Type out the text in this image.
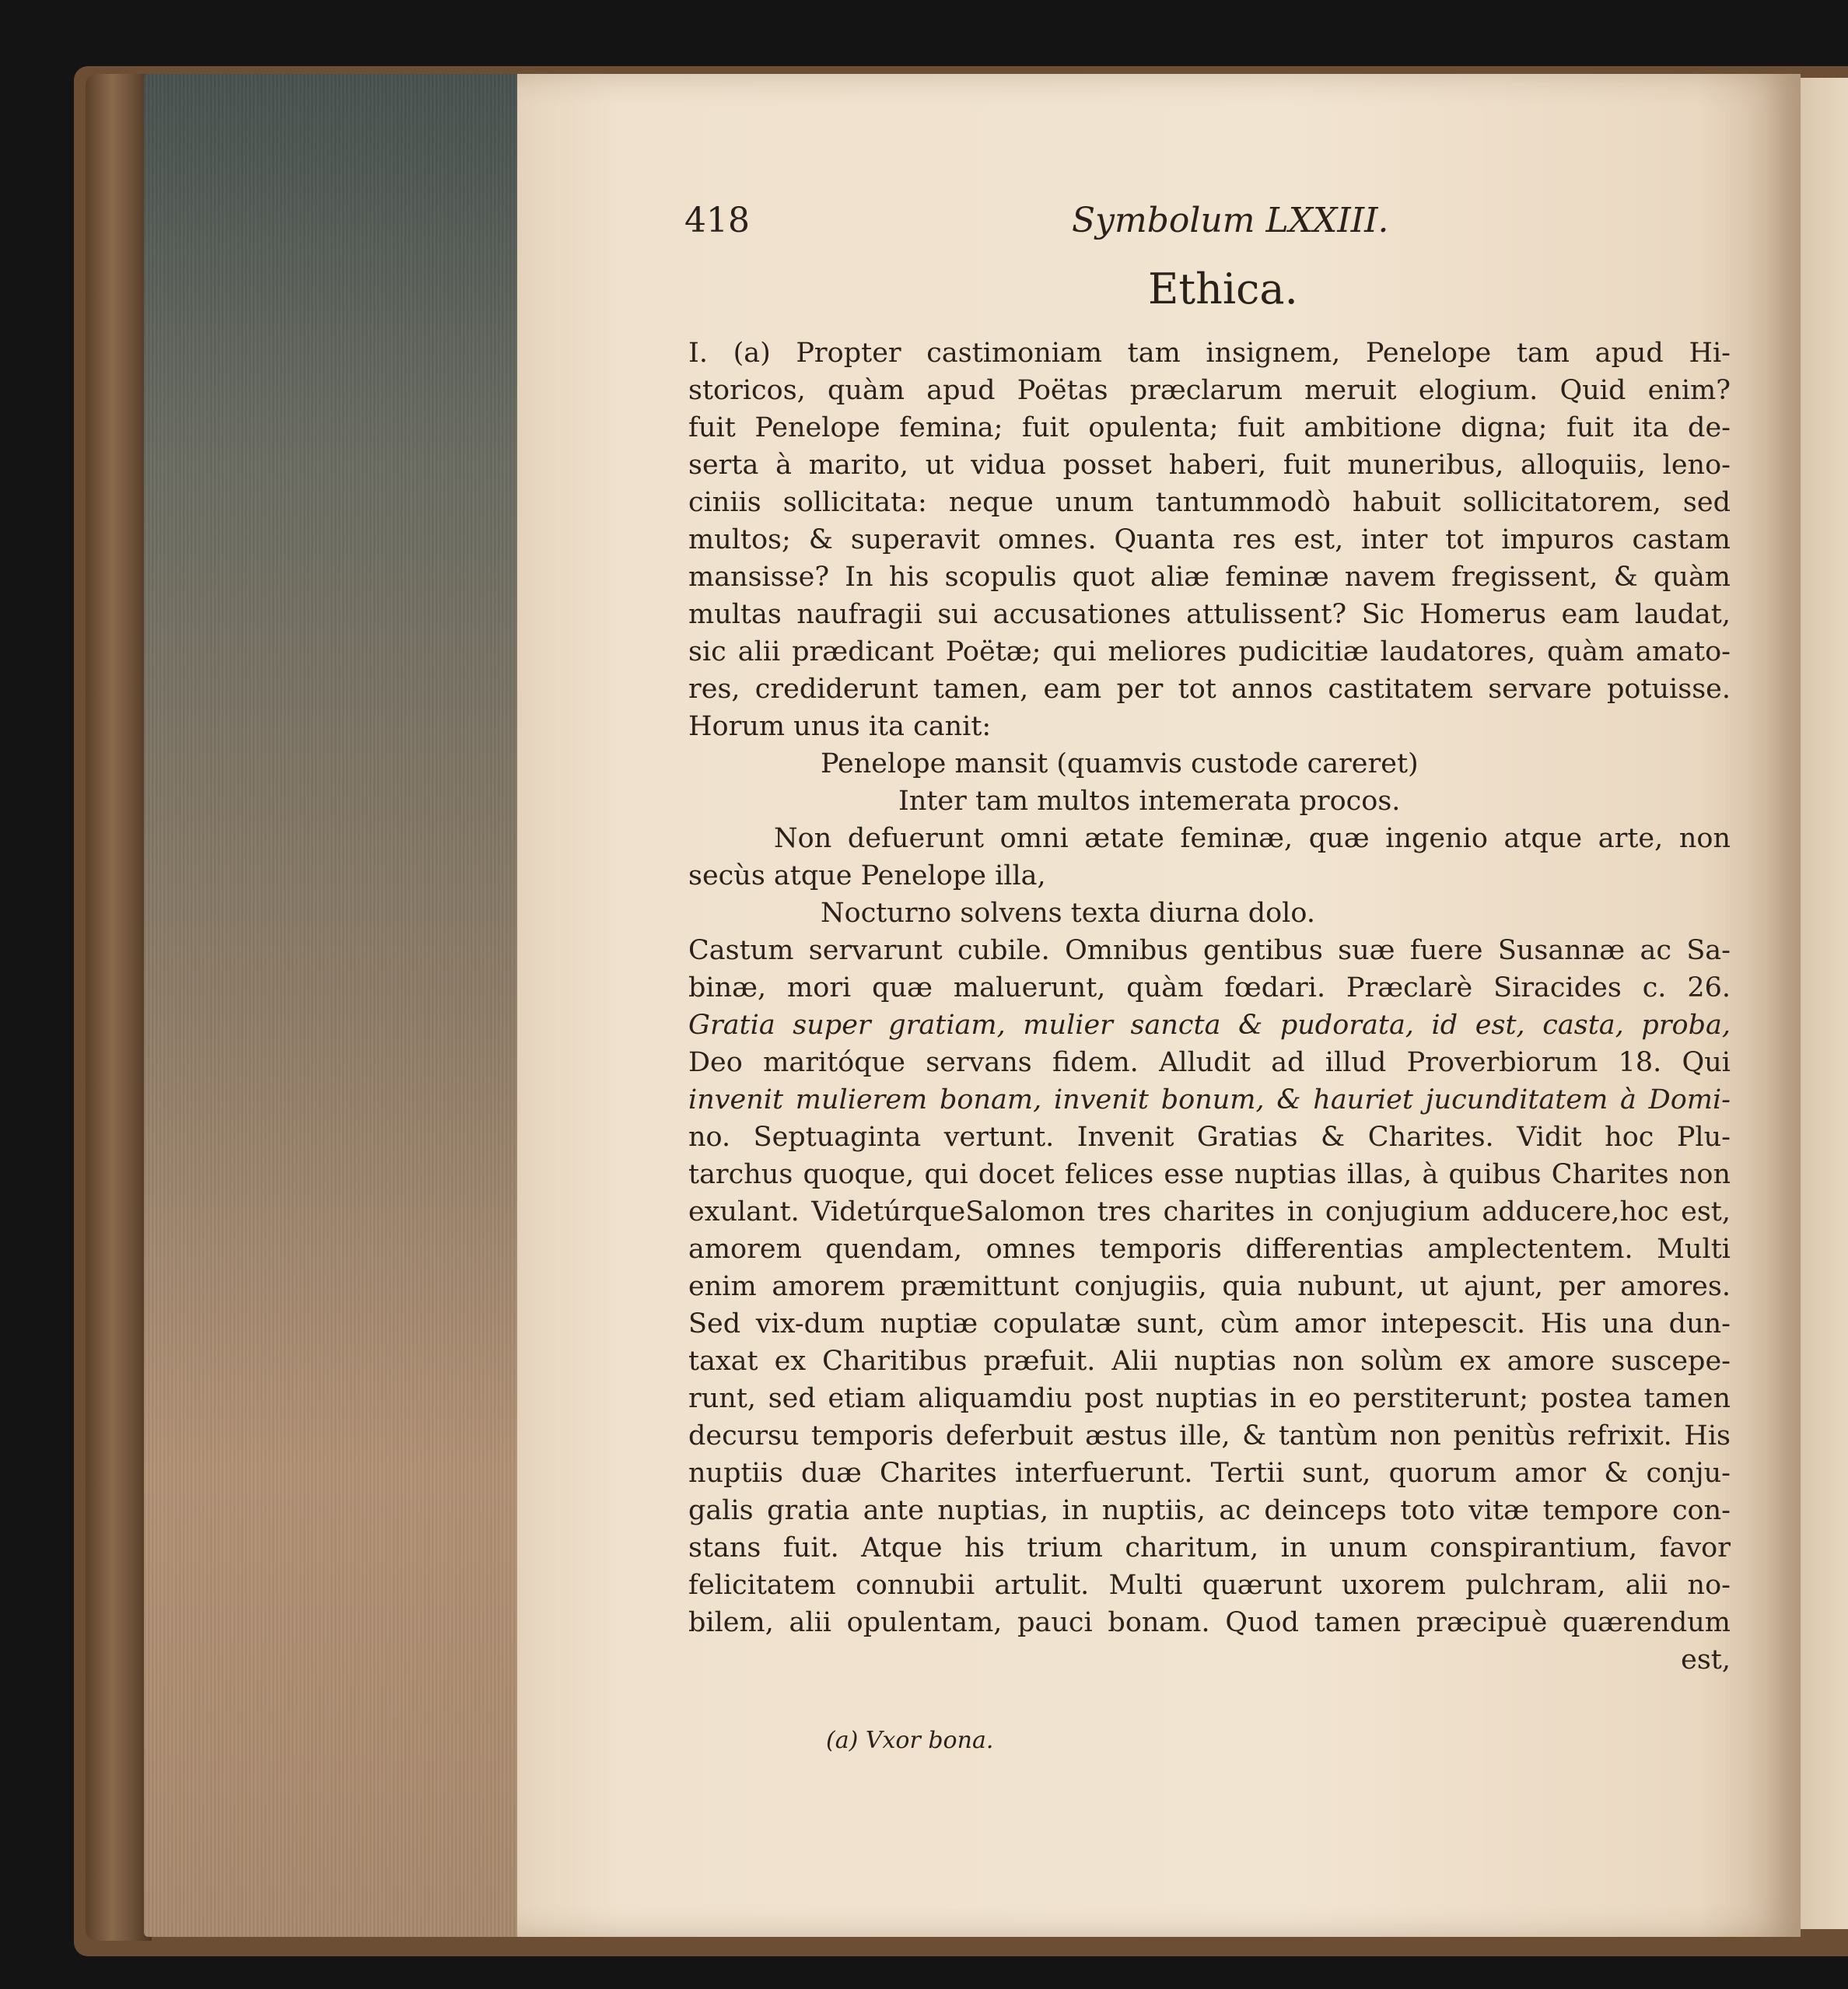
418	Symbolum LXXIII.
Ethica.
I. (a) Propter castimoniam tam insignem, Penelope tam apud Hi-
storicos, quàm apud Poëtas præclarum meruit elogium. Quid enim?
fuit Penelope femina; fuit opulenta; fuit ambitione digna; fuit ita de-
serta à marito, ut vidua posset haberi, fuit muneribus, alloquiis, leno-
ciniis sollicitata: neque unum tantummodò habuit sollicitatorem, sed
multos; & superavit omnes. Quanta res est, inter tot impuros castam
mansisse? In his scopulis quot aliæ feminæ navem fregissent, & quàm
multas naufragii sui accusationes attulissent? Sic Homerus eam laudat,
sic alii prædicant Poëtæ; qui meliores pudicitiæ laudatores, quàm amato-
res, crediderunt tamen, eam per tot annos castitatem servare potuisse.
Horum unus ita canit:
Penelope mansit (quamvis custode careret)
Inter tam multos intemerata procos.
Non defuerunt omni ætate feminæ, quæ ingenio atque arte, non
secùs atque Penelope illa,
Nocturno solvens texta diurna dolo.
Castum servarunt cubile. Omnibus gentibus suæ fuere Susannæ ac Sa-
binæ, mori quæ maluerunt, quàm fœdari. Præclarè Siracides c. 26.
Gratia super gratiam, mulier sancta & pudorata, id est, casta, proba,
Deo maritóque servans fidem. Alludit ad illud Proverbiorum 18. Qui
invenit mulierem bonam, invenit bonum, & hauriet jucunditatem à Domi-
no. Septuaginta vertunt. Invenit Gratias & Charites. Vidit hoc Plu-
tarchus quoque, qui docet felices esse nuptias illas, à quibus Charites non
exulant. VidetúrqueSalomon tres charites in conjugium adducere,hoc est,
amorem quendam, omnes temporis differentias amplectentem. Multi
enim amorem præmittunt conjugiis, quia nubunt, ut ajunt, per amores.
Sed vix-dum nuptiæ copulatæ sunt, cùm amor intepescit. His una dun-
taxat ex Charitibus præfuit. Alii nuptias non solùm ex amore suscepe-
runt, sed etiam aliquamdiu post nuptias in eo perstiterunt; postea tamen
decursu temporis deferbuit æstus ille, & tantùm non penitùs refrixit. His
nuptiis duæ Charites interfuerunt. Tertii sunt, quorum amor & conju-
galis gratia ante nuptias, in nuptiis, ac deinceps toto vitæ tempore con-
stans fuit. Atque his trium charitum, in unum conspirantium, favor
felicitatem connubii artulit. Multi quærunt uxorem pulchram, alii no-
bilem, alii opulentam, pauci bonam. Quod tamen præcipuè quærendum
est,
(a) Vxor bona.
